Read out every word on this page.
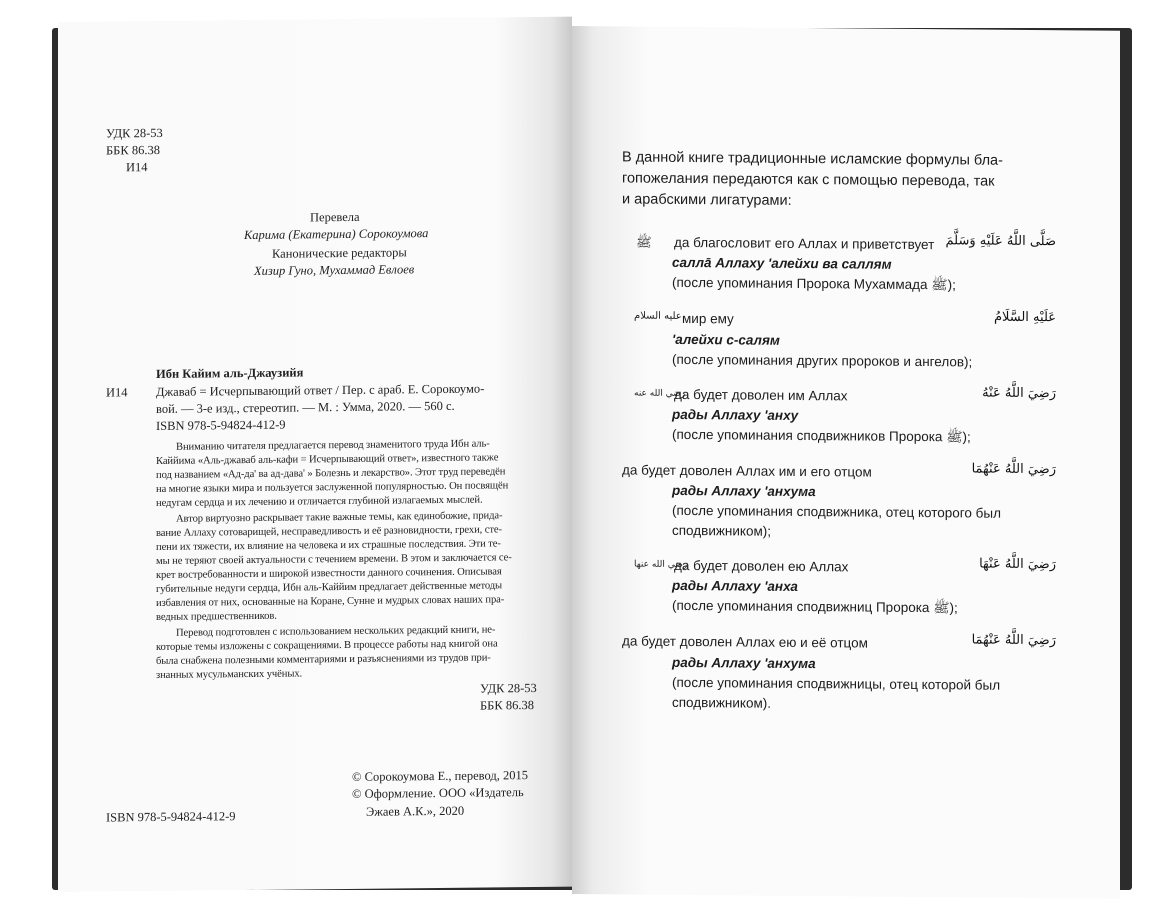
УДК 28-53
ББК 86.38
И14
Перевела
Карима (Екатерина) Сорокоумова
Канонические редакторы
Хизир Гуно, Мухаммад Евлоев
Ибн Кайим аль-Джаузийя
И14 Джаваб = Исчерпывающий ответ / Пер. с араб. Е. Сорокоумо-
вой. — 3-е изд., стереотип. — М. : Умма, 2020. — 560 с.
ISBN 978-5-94824-412-9
Вниманию читателя предлагается перевод знаменитого труда Ибн аль-
Каййима «Аль-джаваб аль-кафи = Исчерпывающий ответ», известного также
под названием «Ад-да' ва ад-дава' » Болезнь и лекарство». Этот труд переведён
на многие языки мира и пользуется заслуженной популярностью. Он посвящён
недугам сердца и их лечению и отличается глубиной излагаемых мыслей.
Автор виртуозно раскрывает такие важные темы, как единобожие, прида-
вание Аллаху сотоварищей, несправедливость и её разновидности, грехи, сте-
пени их тяжести, их влияние на человека и их страшные последствия. Эти те-
мы не теряют своей актуальности с течением времени. В этом и заключается се-
крет востребованности и широкой известности данного сочинения. Описывая
губительные недуги сердца, Ибн аль-Каййим предлагает действенные методы
избавления от них, основанные на Коране, Сунне и мудрых словах наших пра-
ведных предшественников.
Перевод подготовлен с использованием нескольких редакций книги, не-
которые темы изложены с сокращениями. В процессе работы над книгой она
была снабжена полезными комментариями и разъяснениями из трудов при-
знанных мусульманских учёных.
УДК 28-53
ББК 86.38
© Сорокоумова Е., перевод, 2015
© Оформление. ООО «Издатель
Эжаев А.К.», 2020
ISBN 978-5-94824-412-9
В данной книге традиционные исламские формулы бла-
гопожелания передаются как с помощью перевода, так
и арабскими лигатурами:
ﷺ да благословит его Аллах и приветствует صَلَّى اللَّهُ عَلَيْهِ وَسَلَّمَ
саллā Аллаху 'алейхи ва саллям
(после упоминания Пророка Мухаммада ﷺ);
عليه السلام мир ему	عَلَيْهِ السَّلَامُ
'алейхи с-салям
(после упоминания других пророков и ангелов);
رضي الله عنه
да будет доволен им Аллах	رَضِيَ اللَّهُ عَنْهُ
рады Аллаху 'анху
(после упоминания сподвижников Пророка ﷺ);
да будет доволен Аллах им и его отцом	رَضِيَ اللَّهُ عَنْهُمَا
рады Аллаху 'анхума
(после упоминания сподвижника, отец которого был
сподвижником);
رضي الله عنها
да будет доволен ею Аллах	رَضِيَ اللَّهُ عَنْهَا
рады Аллаху 'анха
(после упоминания сподвижниц Пророка ﷺ);
да будет доволен Аллах ею и её отцом	رَضِيَ اللَّهُ عَنْهُمَا
рады Аллаху 'анхума
(после упоминания сподвижницы, отец которой был
сподвижником).
